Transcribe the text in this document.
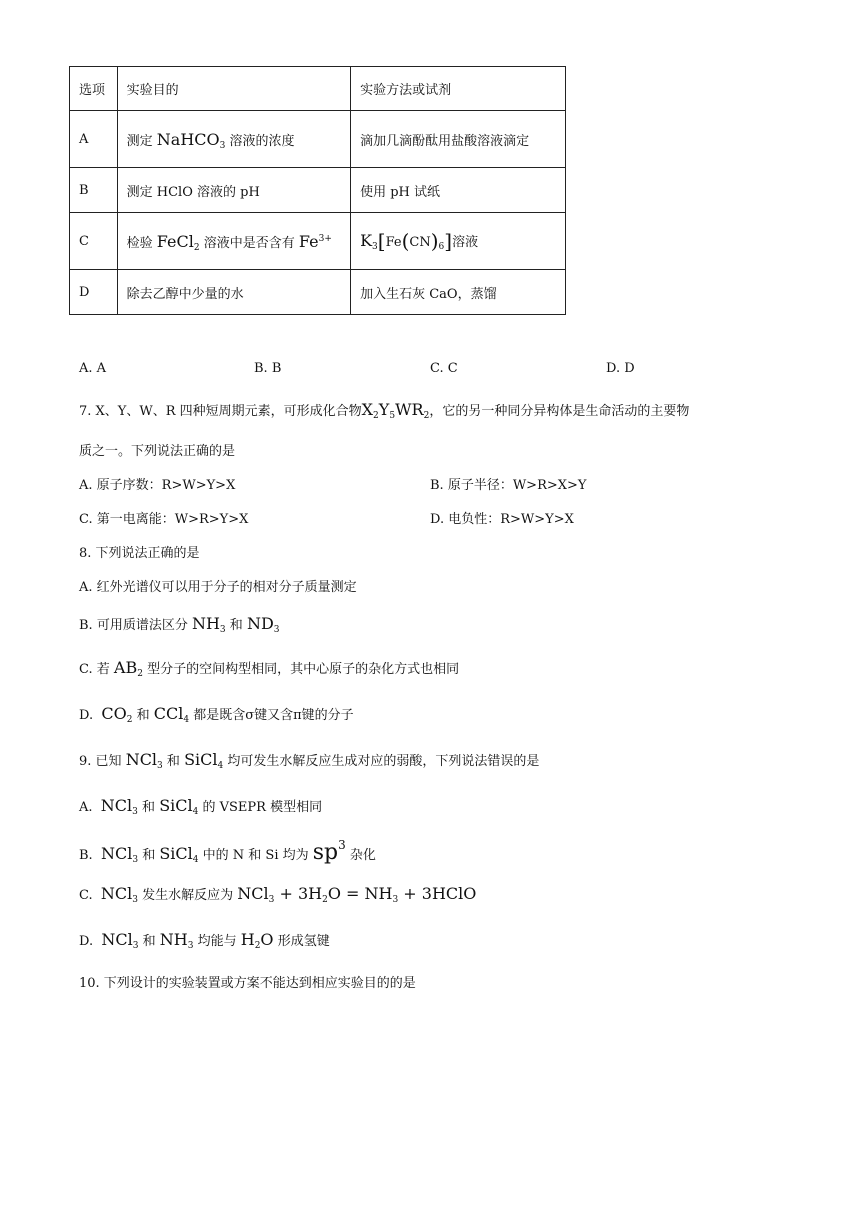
选项	实验目的	实验方法或试剂
A	测定 NaHCO$_3$ 溶液的浓度	滴加几滴酚酞用盐酸溶液滴定
B	测定 HClO 溶液的 pH	使用 pH 试纸
C	检验 FeCl$_2$ 溶液中是否含有 $Fe^{3+}$	$K_3[Fe(CN)_6]$溶液
D	除去乙醇中少量的水	加入生石灰 CaO，蒸馏
A. A	B. B	C. C	D. D
7. X、Y、W、R 四种短周期元素，可形成化合物$X_2Y_5WR_2$，它的另一种同分异构体是生命活动的主要物
质之一。下列说法正确的是
A. 原子序数：R>W>Y>X	B. 原子半径：W>R>X>Y
C. 第一电离能：W>R>Y>X	D. 电负性：R>W>Y>X
8. 下列说法正确的是
A. 红外光谱仪可以用于分子的相对分子质量测定
B. 可用质谱法区分 $NH_3$ 和 $ND_3$
C. 若 $AB_2$ 型分子的空间构型相同，其中心原子的杂化方式也相同
D. $CO_2$ 和 CCl$_4$ 都是既含σ键又含π键的分子
9. 已知 NCl$_3$ 和 SiCl$_4$ 均可发生水解反应生成对应的弱酸，下列说法错误的是
A. NCl$_3$ 和 SiCl$_4$ 的 VSEPR 模型相同
B. NCl$_3$ 和 SiCl$_4$ 中的 N 和 Si 均为 $sp^3$ 杂化
C. NCl$_3$ 发生水解反应为 $NCl_3 + 3H_2O = NH_3$ + 3HClO
D. NCl$_3$ 和 $NH_3$ 均能与 $H_2O$ 形成氢键
10. 下列设计的实验装置或方案不能达到相应实验目的的是
